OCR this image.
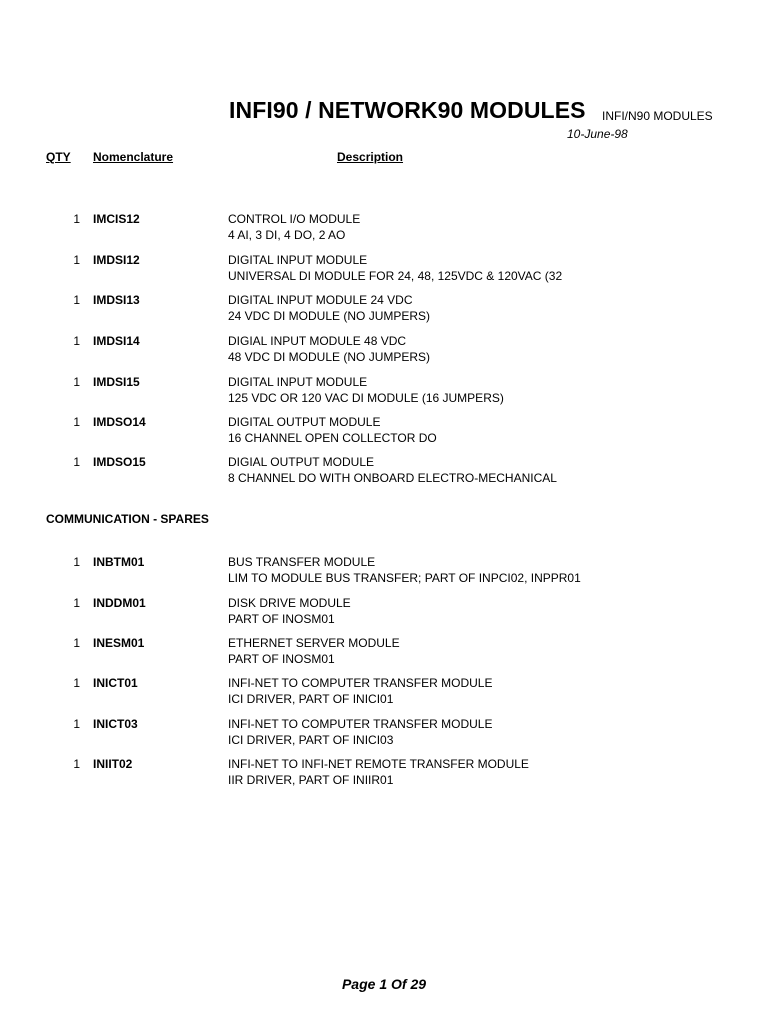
INFI90 / NETWORK90 MODULES INFI/N90 MODULES
10-June-98
QTY Nomenclature	Description
1 IMCIS12	CONTROL I/O MODULE
4 AI, 3 DI, 4 DO, 2 AO
1 IMDSI12	DIGITAL INPUT MODULE
UNIVERSAL DI MODULE FOR 24, 48, 125VDC & 120VAC (32
1 IMDSI13	DIGITAL INPUT MODULE 24 VDC
24 VDC DI MODULE (NO JUMPERS)
1 IMDSI14	DIGIAL INPUT MODULE 48 VDC
48 VDC DI MODULE (NO JUMPERS)
1 IMDSI15	DIGITAL INPUT MODULE
125 VDC OR 120 VAC DI MODULE (16 JUMPERS)
1 IMDSO14	DIGITAL OUTPUT MODULE
16 CHANNEL OPEN COLLECTOR DO
1 IMDSO15	DIGIAL OUTPUT MODULE
8 CHANNEL DO WITH ONBOARD ELECTRO-MECHANICAL
COMMUNICATION - SPARES
1 INBTM01	BUS TRANSFER MODULE
LIM TO MODULE BUS TRANSFER; PART OF INPCI02, INPPR01
1 INDDM01	DISK DRIVE MODULE
PART OF INOSM01
1 INESM01	ETHERNET SERVER MODULE
PART OF INOSM01
1 INICT01	INFI-NET TO COMPUTER TRANSFER MODULE
ICI DRIVER, PART OF INICI01
1 INICT03	INFI-NET TO COMPUTER TRANSFER MODULE
ICI DRIVER, PART OF INICI03
1 INIIT02	INFI-NET TO INFI-NET REMOTE TRANSFER MODULE
IIR DRIVER, PART OF INIIR01
Page 1 Of 29
